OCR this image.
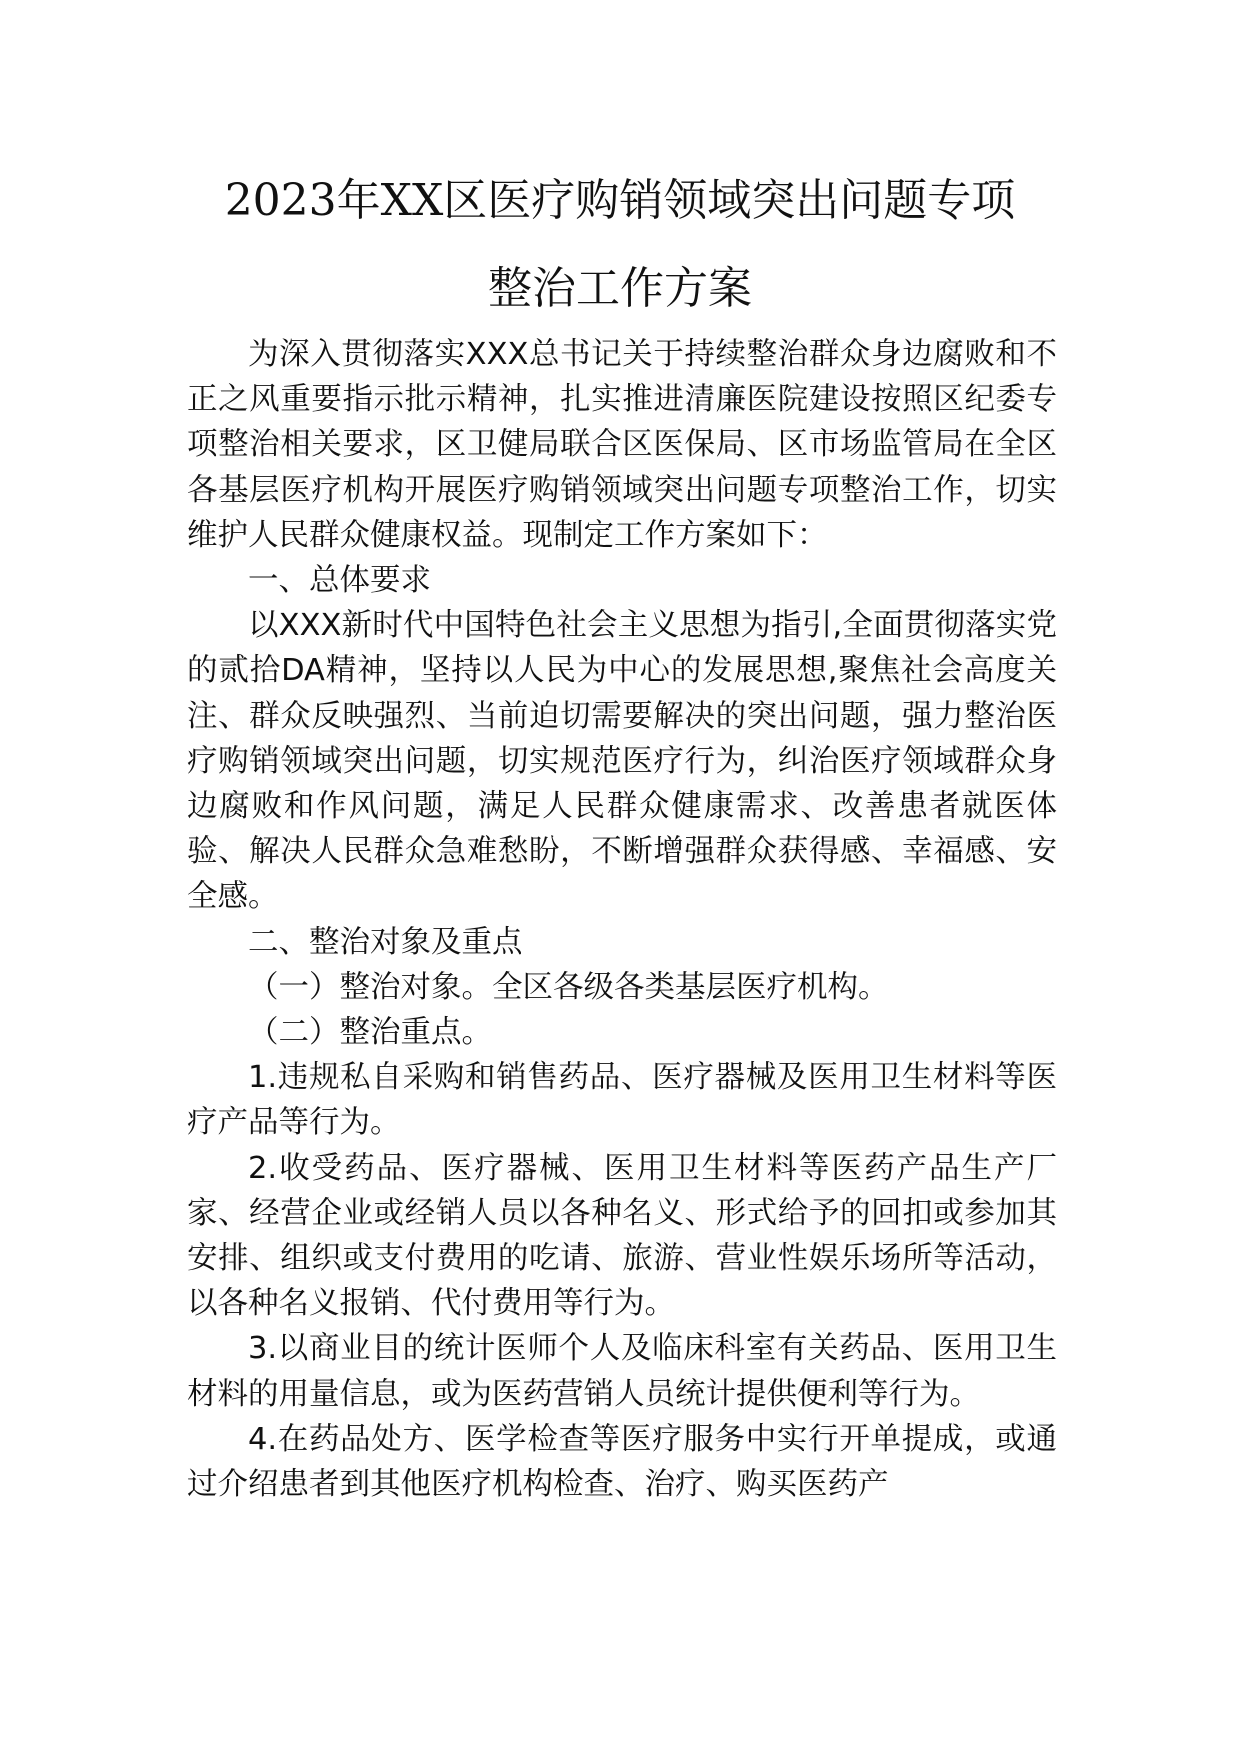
2023年XX区医疗购销领域突出问题专项
整治工作方案

为深入贯彻落实XXX总书记关于持续整治群众身边腐败和不正之风重要指示批示精神，扎实推进清廉医院建设按照区纪委专项整治相关要求，区卫健局联合区医保局、区市场监管局在全区各基层医疗机构开展医疗购销领域突出问题专项整治工作，切实维护人民群众健康权益。现制定工作方案如下：

一、总体要求

以XXX新时代中国特色社会主义思想为指引,全面贯彻落实党的贰拾DA精神，坚持以人民为中心的发展思想,聚焦社会高度关注、群众反映强烈、当前迫切需要解决的突出问题，强力整治医疗购销领域突出问题，切实规范医疗行为，纠治医疗领域群众身边腐败和作风问题，满足人民群众健康需求、改善患者就医体验、解决人民群众急难愁盼，不断增强群众获得感、幸福感、安全感。

二、整治对象及重点

（一）整治对象。全区各级各类基层医疗机构。

（二）整治重点。

1.违规私自采购和销售药品、医疗器械及医用卫生材料等医疗产品等行为。

2.收受药品、医疗器械、医用卫生材料等医药产品生产厂家、经营企业或经销人员以各种名义、形式给予的回扣或参加其安排、组织或支付费用的吃请、旅游、营业性娱乐场所等活动，以各种名义报销、代付费用等行为。

3.以商业目的统计医师个人及临床科室有关药品、医用卫生材料的用量信息，或为医药营销人员统计提供便利等行为。

4.在药品处方、医学检查等医疗服务中实行开单提成，或通过介绍患者到其他医疗机构检查、治疗、购买医药产
